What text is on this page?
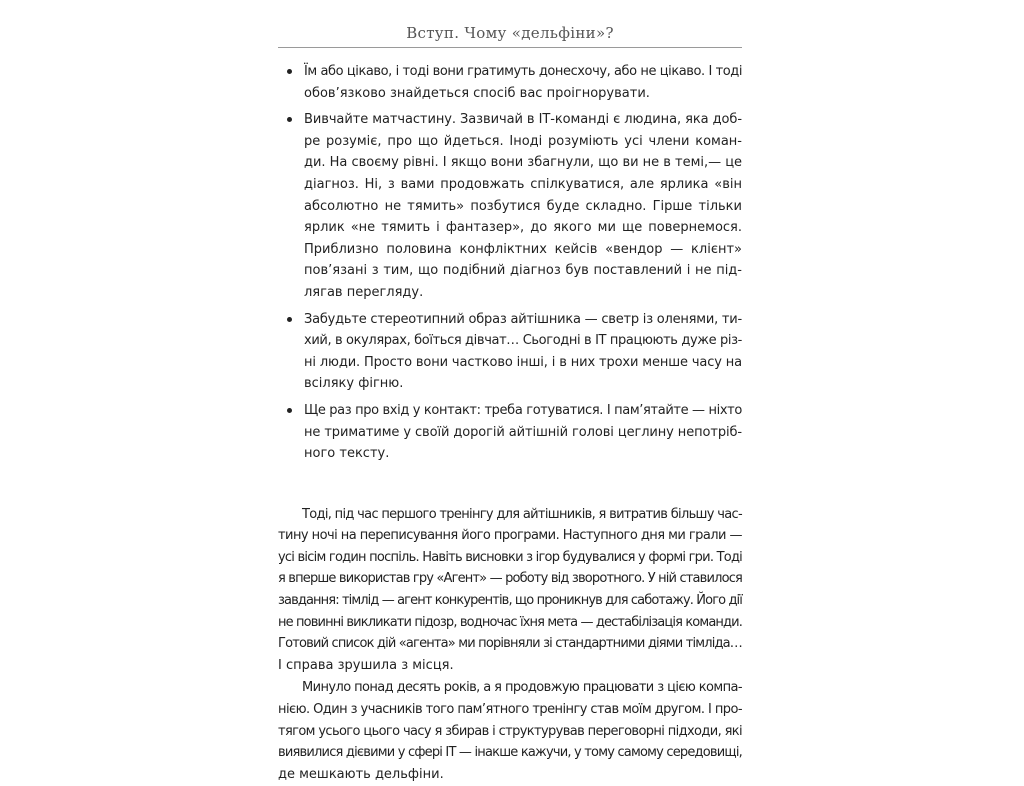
Вступ. Чому «дельфіни»?
Їм або цікаво, і тоді вони гратимуть донесхочу, або не цікаво. І тоді
обов’язково знайдеться спосіб вас проігнорувати.
Вивчайте матчастину. Зазвичай в ІТ-команді є людина, яка доб-
ре розуміє, про що йдеться. Іноді розуміють усі члени коман-
ди. На своєму рівні. І якщо вони збагнули, що ви не в темі,— це
діагноз. Ні, з вами продовжать спілкуватися, але ярлика «він
абсолютно не тямить» позбутися буде складно. Гірше тільки
ярлик «не тямить і фантазер», до якого ми ще повернемося.
Приблизно половина конфліктних кейсів «вендор — клієнт»
пов’язані з тим, що подібний діагноз був поставлений і не під-
лягав перегляду.
Забудьте стереотипний образ айтішника — светр із оленями, ти-
хий, в окулярах, боїться дівчат… Сьогодні в ІТ працюють дуже різ-
ні люди. Просто вони частково інші, і в них трохи менше часу на
всіляку фігню.
Ще раз про вхід у контакт: треба готуватися. І пам’ятайте — ніхто
не триматиме у своїй дорогій айтішній голові цеглину непотріб-
ного тексту.

Тоді, під час першого тренінгу для айтішників, я витратив більшу час-
тину ночі на переписування його програми. Наступного дня ми грали —
усі вісім годин поспіль. Навіть висновки з ігор будувалися у формі гри. Тоді
я вперше використав гру «Агент» — роботу від зворотного. У ній ставилося
завдання: тімлід — агент конкурентів, що проникнув для саботажу. Його дії
не повинні викликати підозр, водночас їхня мета — дестабілізація команди.
Готовий список дій «агента» ми порівняли зі стандартними діями тімліда…
І справа зрушила з місця.

Минуло понад десять років, а я продовжую працювати з цією компа-
нією. Один з учасників того пам’ятного тренінгу став моїм другом. І про-
тягом усього цього часу я збирав і структурував переговорні підходи, які
виявилися дієвими у сфері ІТ — інакше кажучи, у тому самому середовищі,
де мешкають дельфіни.
